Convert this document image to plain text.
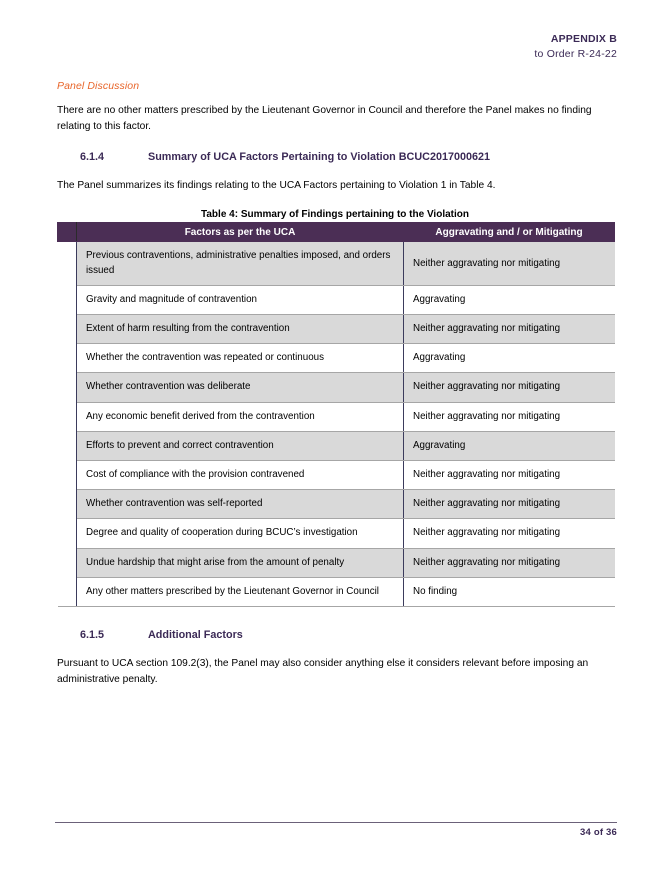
APPENDIX B
to Order R-24-22
Panel Discussion

There are no other matters prescribed by the Lieutenant Governor in Council and therefore the Panel makes no finding relating to this factor.

6.1.4	Summary of UCA Factors Pertaining to Violation BCUC2017000621

The Panel summarizes its findings relating to the UCA Factors pertaining to Violation 1 in Table 4.

Table 4: Summary of Findings pertaining to the Violation
	Factors as per the UCA	Aggravating and / or Mitigating
	Previous contraventions, administrative penalties imposed, and orders issued	Neither aggravating nor mitigating
	Gravity and magnitude of contravention	Aggravating
	Extent of harm resulting from the contravention	Neither aggravating nor mitigating
	Whether the contravention was repeated or continuous	Aggravating
	Whether contravention was deliberate	Neither aggravating nor mitigating
	Any economic benefit derived from the contravention	Neither aggravating nor mitigating
	Efforts to prevent and correct contravention	Aggravating
	Cost of compliance with the provision contravened	Neither aggravating nor mitigating
	Whether contravention was self-reported	Neither aggravating nor mitigating
	Degree and quality of cooperation during BCUC’s investigation	Neither aggravating nor mitigating
	Undue hardship that might arise from the amount of penalty	Neither aggravating nor mitigating
	Any other matters prescribed by the Lieutenant Governor in Council	No finding
6.1.5	Additional Factors

Pursuant to UCA section 109.2(3), the Panel may also consider anything else it considers relevant before imposing an administrative penalty.

34 of 36
